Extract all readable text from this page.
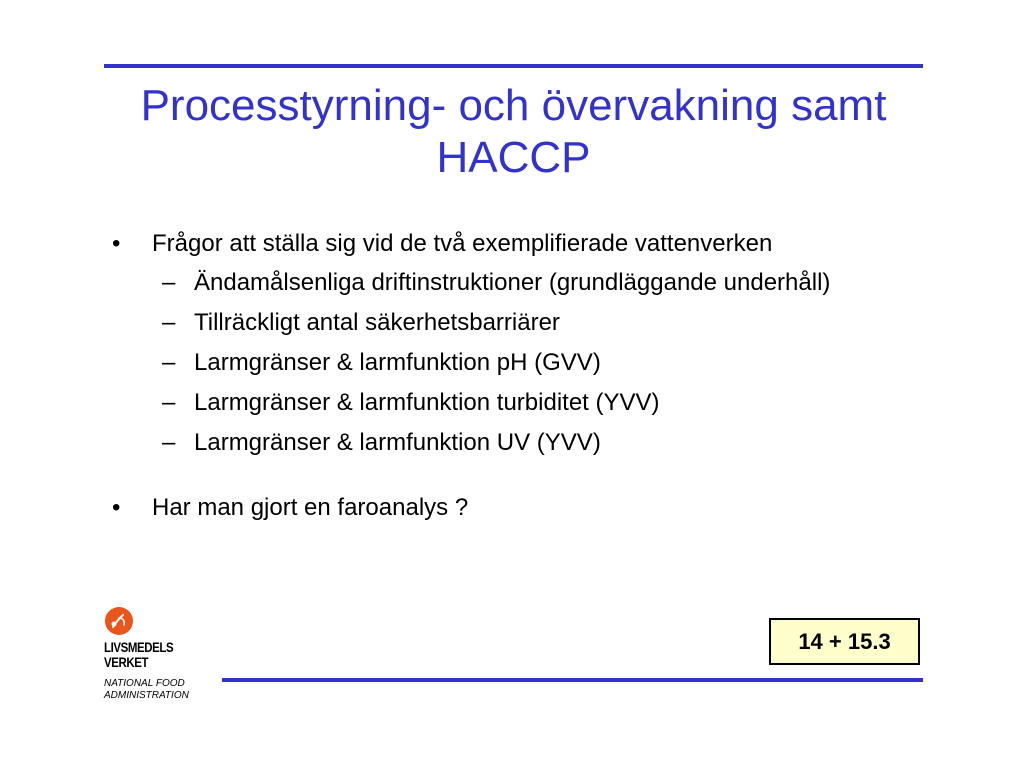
Processtyrning- och övervakning samt HACCP
• Frågor att ställa sig vid de två exemplifierade vattenverken
– Ändamålsenliga driftinstruktioner (grundläggande underhåll)
– Tillräckligt antal säkerhetsbarriärer
– Larmgränser & larmfunktion pH (GVV)
– Larmgränser & larmfunktion turbiditet (YVV)
– Larmgränser & larmfunktion UV (YVV)
• Har man gjort en faroanalys ?
14 + 15.3
LIVSMEDELS
VERKET
NATIONAL FOOD
ADMINISTRATION
